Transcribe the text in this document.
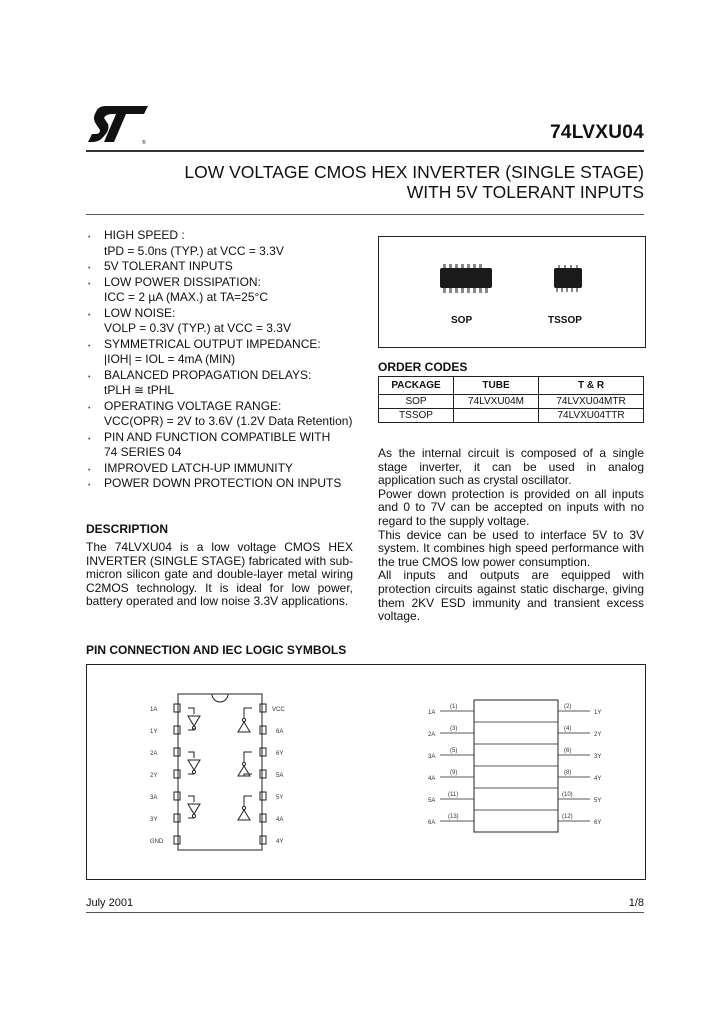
®	74LVXU04
LOW VOLTAGE CMOS HEX INVERTER (SINGLE STAGE)
WITH 5V TOLERANT INPUTS
• HIGH SPEED :
tPD = 5.0ns (TYP.) at VCC = 3.3V
• 5V TOLERANT INPUTS
• LOW POWER DISSIPATION:
ICC = 2 µA (MAX.) at TA=25°C
• LOW NOISE:
VOLP = 0.3V (TYP.) at VCC = 3.3V
• SYMMETRICAL OUTPUT IMPEDANCE:
|IOH| = IOL = 4mA (MIN)
• BALANCED PROPAGATION DELAYS:
tPLH ≅ tPHL
• OPERATING VOLTAGE RANGE:
VCC(OPR) = 2V to 3.6V (1.2V Data Retention)
• PIN AND FUNCTION COMPATIBLE WITH
74 SERIES 04
• IMPROVED LATCH-UP IMMUNITY
• POWER DOWN PROTECTION ON INPUTS
DESCRIPTION
The 74LVXU04 is a low voltage CMOS HEX INVERTER (SINGLE STAGE) fabricated with sub-micron silicon gate and double-layer metal wiring C2MOS technology. It is ideal for low power, battery operated and low noise 3.3V applications.
SOP	TSSOP
ORDER CODES
PACKAGE	TUBE	T & R
SOP	74LVXU04M	74LVXU04MTR
TSSOP		74LVXU04TTR
As the internal circuit is composed of a single stage inverter, it can be used in analog application such as crystal oscillator.
Power down protection is provided on all inputs and 0 to 7V can be accepted on inputs with no regard to the supply voltage.
This device can be used to interface 5V to 3V system. It combines high speed performance with the true CMOS low power consumption.
All inputs and outputs are equipped with protection circuits against static discharge, giving them 2KV ESD immunity and transient excess voltage.
PIN CONNECTION AND IEC LOGIC SYMBOLS
1A
1Y
2A
2Y
3A
3Y
GND
VCC
6A
6Y
5A
5Y
4A
4Y
1A
2A
3A
4A
5A
6A
(1)
(3)
(5)
(9)
(11)
(13)
(2)
(4)
(6)
(8)
(10)
(12)
1Y
2Y
3Y
4Y
5Y
6Y
July 2001	1/8
